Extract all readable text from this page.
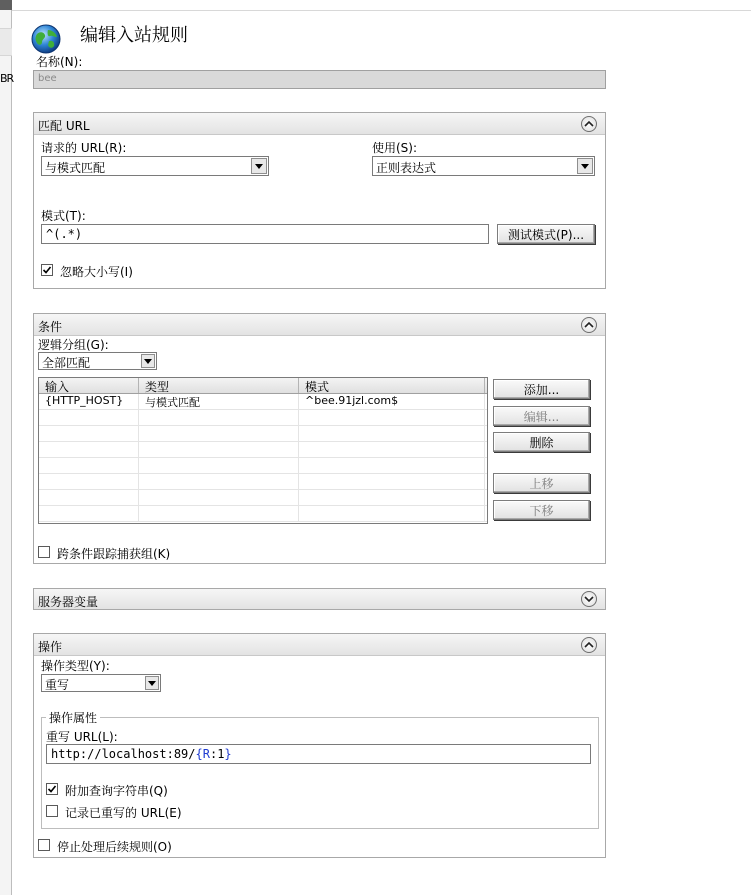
BR
编辑入站规则
名称(N):
bee
匹配 URL
请求的 URL(R):
与模式匹配
使用(S):
正则表达式
模式(T):
^(.*)	测试模式(P)...
忽略大小写(I)
条件
逻辑分组(G):
全部匹配
输入	类型	模式
{HTTP_HOST}	与模式匹配	^bee.91jzl.com$
添加...
编辑...
删除
上移
下移
跨条件跟踪捕获组(K)
服务器变量
操作
操作类型(Y):
重写
操作属性
重写 URL(L):
http://localhost:89/{R:1}
附加查询字符串(Q)
记录已重写的 URL(E)
停止处理后续规则(O)
